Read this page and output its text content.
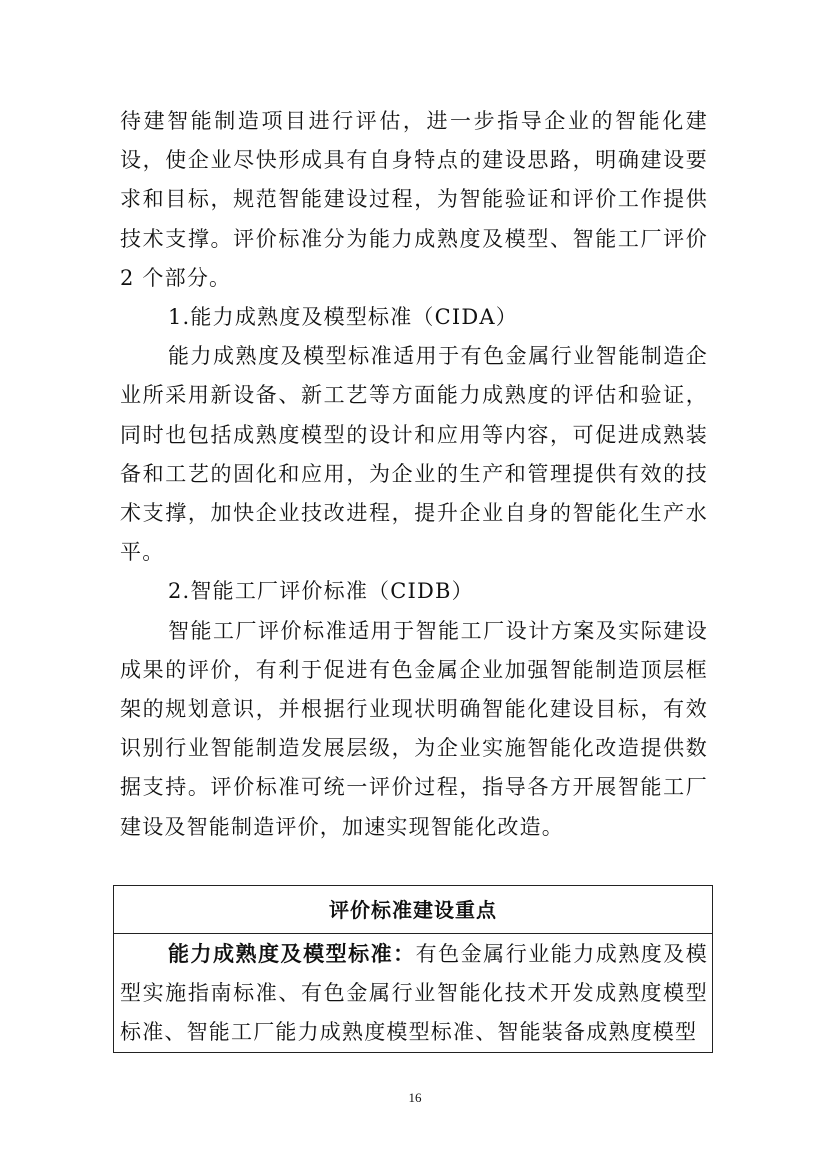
待建智能制造项目进行评估，进一步指导企业的智能化建设，使企业尽快形成具有自身特点的建设思路，明确建设要求和目标，规范智能建设过程，为智能验证和评价工作提供技术支撑。评价标准分为能力成熟度及模型、智能工厂评价 2 个部分。

1.能力成熟度及模型标准（CIDA）

能力成熟度及模型标准适用于有色金属行业智能制造企业所采用新设备、新工艺等方面能力成熟度的评估和验证，同时也包括成熟度模型的设计和应用等内容，可促进成熟装备和工艺的固化和应用，为企业的生产和管理提供有效的技术支撑，加快企业技改进程，提升企业自身的智能化生产水平。

2.智能工厂评价标准（CIDB）

智能工厂评价标准适用于智能工厂设计方案及实际建设成果的评价，有利于促进有色金属企业加强智能制造顶层框架的规划意识，并根据行业现状明确智能化建设目标，有效识别行业智能制造发展层级，为企业实施智能化改造提供数据支持。评价标准可统一评价过程，指导各方开展智能工厂建设及智能制造评价，加速实现智能化改造。

评价标准建设重点
能力成熟度及模型标准：有色金属行业能力成熟度及模型实施指南标准、有色金属行业智能化技术开发成熟度模型标准、智能工厂能力成熟度模型标准、智能装备成熟度模型
16
